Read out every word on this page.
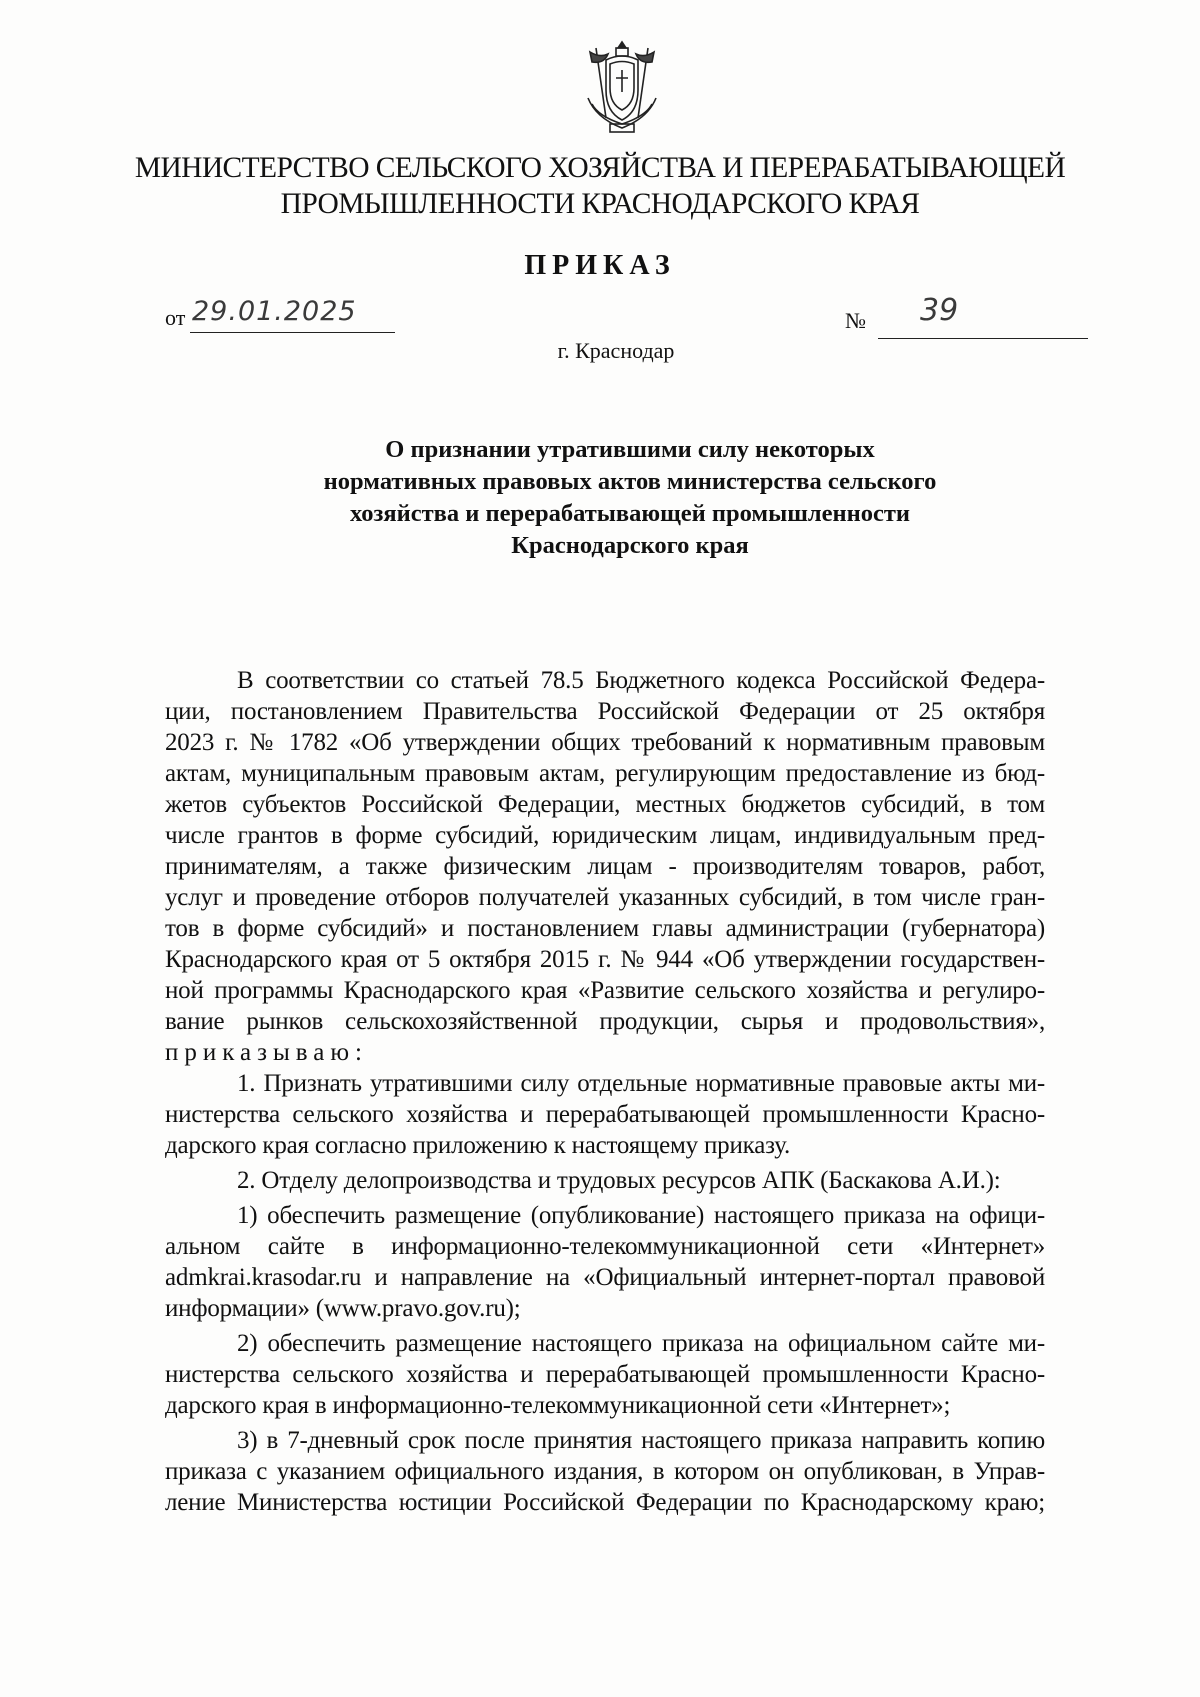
МИНИСТЕРСТВО СЕЛЬСКОГО ХОЗЯЙСТВА И ПЕРЕРАБАТЫВАЮЩЕЙ
ПРОМЫШЛЕННОСТИ КРАСНОДАРСКОГО КРАЯ
ПРИКАЗ
от 29.01.2025	№ 39
г. Краснодар
О признании утратившими силу некоторых
нормативных правовых актов министерства сельского
хозяйства и перерабатывающей промышленности
Краснодарского края
В соответствии со статьей 78.5 Бюджетного кодекса Российской Федера-
ции, постановлением Правительства Российской Федерации от 25 октября
2023 г. № 1782 «Об утверждении общих требований к нормативным правовым
актам, муниципальным правовым актам, регулирующим предоставление из бюд-
жетов субъектов Российской Федерации, местных бюджетов субсидий, в том
числе грантов в форме субсидий, юридическим лицам, индивидуальным пред-
принимателям, а также физическим лицам - производителям товаров, работ,
услуг и проведение отборов получателей указанных субсидий, в том числе гран-
тов в форме субсидий» и постановлением главы администрации (губернатора)
Краснодарского края от 5 октября 2015 г. № 944 «Об утверждении государствен-
ной программы Краснодарского края «Развитие сельского хозяйства и регулиро-
вание рынков сельскохозяйственной продукции, сырья и продовольствия»,
приказываю:
1. Признать утратившими силу отдельные нормативные правовые акты ми-
нистерства сельского хозяйства и перерабатывающей промышленности Красно-
дарского края согласно приложению к настоящему приказу.
2. Отделу делопроизводства и трудовых ресурсов АПК (Баскакова А.И.):
1) обеспечить размещение (опубликование) настоящего приказа на офици-
альном сайте в информационно-телекоммуникационной сети «Интернет»
admkrai.krasodar.ru и направление на «Официальный интернет-портал правовой
информации» (www.pravo.gov.ru);
2) обеспечить размещение настоящего приказа на официальном сайте ми-
нистерства сельского хозяйства и перерабатывающей промышленности Красно-
дарского края в информационно-телекоммуникационной сети «Интернет»;
3) в 7-дневный срок после принятия настоящего приказа направить копию
приказа с указанием официального издания, в котором он опубликован, в Управ-
ление Министерства юстиции Российской Федерации по Краснодарскому краю;
